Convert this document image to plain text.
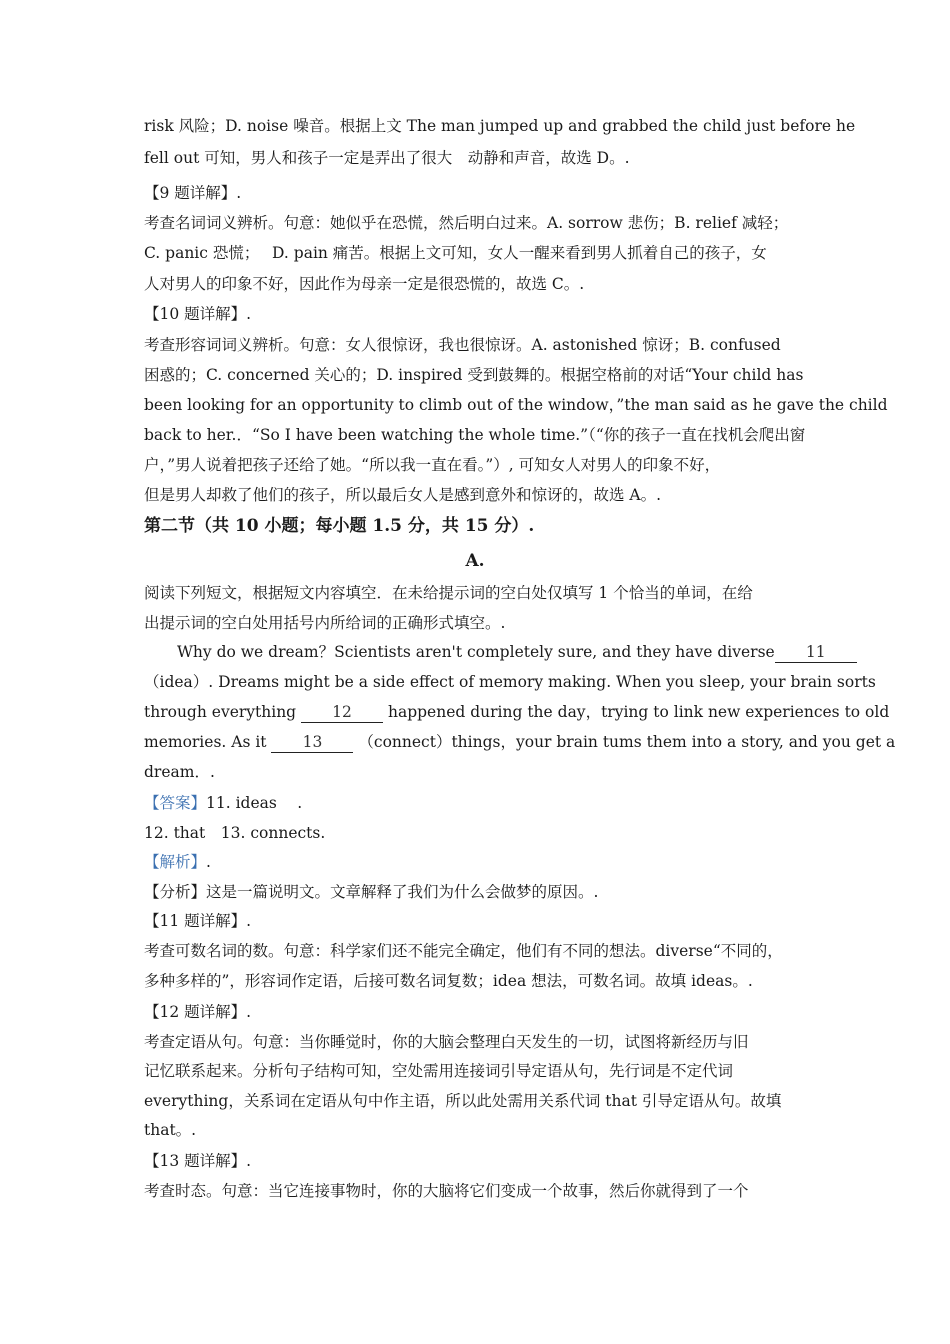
risk 风险；D. noise 噪音。根据上文 The man jumped up and grabbed the child just before he
fell out 可知，男人和孩子一定是弄出了很大　动静和声音，故选 D。.
【9 题详解】.
考查名词词义辨析。句意：她似乎在恐慌，然后明白过来。A. sorrow 悲伤；B. relief 减轻；
C. panic 恐慌；　 D. pain 痛苦。根据上文可知，女人一醒来看到男人抓着自己的孩子，女
人对男人的印象不好，因此作为母亲一定是很恐慌的，故选 C。.
【10 题详解】.
考查形容词词义辨析。句意：女人很惊讶，我也很惊讶。A. astonished 惊讶；B. confused
困惑的；C. concerned 关心的；D. inspired 受到鼓舞的。根据空格前的对话“Your child has
been looking for an opportunity to climb out of the window，”the man said as he gave the child
back to her.．“So I have been watching the whole time.”（“你的孩子一直在找机会爬出窗
户，”男人说着把孩子还给了她。“所以我一直在看。”）, 可知女人对男人的印象不好，
但是男人却救了他们的孩子，所以最后女人是感到意外和惊讶的，故选 A。.
第二节（共 10 小题；每小题 1.5 分，共 15 分）.
A.
阅读下列短文，根据短文内容填空．在未给提示词的空白处仅填写 1 个恰当的单词，在给
出提示词的空白处用括号内所给词的正确形式填空。.
Why do we dream？Scientists aren't completely sure, and they have diverse 11
（idea）. Dreams might be a side effect of memory making. When you sleep, your brain sorts
through everything 12 happened during the day，trying to link new experiences to old
memories. As it 13 （connect）things，your brain tums them into a story, and you get a
dream．.
【答案】11. ideas　 .
12. that　13. connects.
【解析】.
【分析】这是一篇说明文。文章解释了我们为什么会做梦的原因。.
【11 题详解】.
考查可数名词的数。句意：科学家们还不能完全确定，他们有不同的想法。diverse“不同的，
多种多样的”，形容词作定语，后接可数名词复数；idea 想法，可数名词。故填 ideas。.
【12 题详解】.
考查定语从句。句意：当你睡觉时，你的大脑会整理白天发生的一切，试图将新经历与旧
记忆联系起来。分析句子结构可知，空处需用连接词引导定语从句，先行词是不定代词
everything，关系词在定语从句中作主语，所以此处需用关系代词 that 引导定语从句。故填
that。.
【13 题详解】.
考查时态。句意：当它连接事物时，你的大脑将它们变成一个故事，然后你就得到了一个
